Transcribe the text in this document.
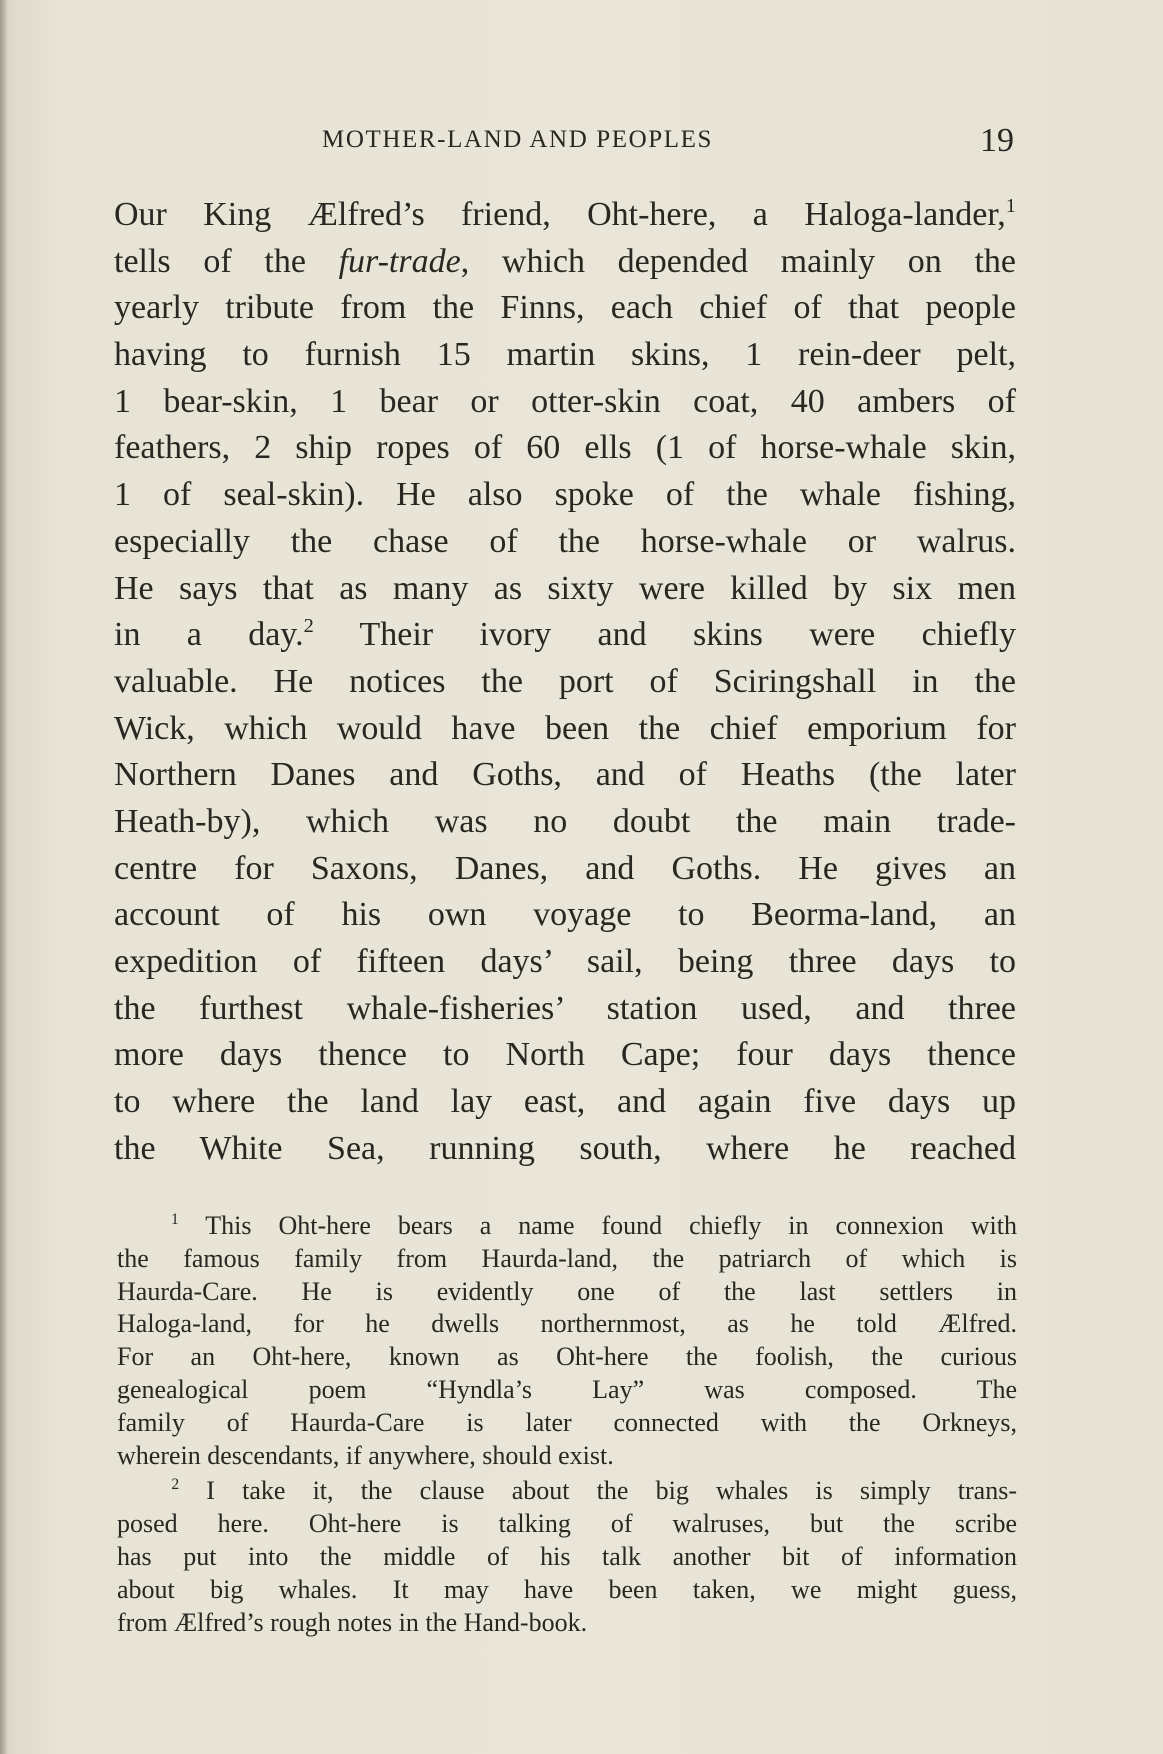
MOTHER-LAND AND PEOPLES	19
Our King Ælfred’s friend, Oht-here, a Haloga-lander,$^1$
tells of the fur-trade, which depended mainly on the
yearly tribute from the Finns, each chief of that people
having to furnish 15 martin skins, 1 rein-deer pelt,
1 bear-skin, 1 bear or otter-skin coat, 40 ambers of
feathers, 2 ship ropes of 60 ells (1 of horse-whale skin,
1 of seal-skin). He also spoke of the whale fishing,
especially the chase of the horse-whale or walrus.
He says that as many as sixty were killed by six men
in a day.$^2$ Their ivory and skins were chiefly
valuable. He notices the port of Sciringshall in the
Wick, which would have been the chief emporium for
Northern Danes and Goths, and of Heaths (the later
Heath-by), which was no doubt the main trade-
centre for Saxons, Danes, and Goths. He gives an
account of his own voyage to Beorma-land, an
expedition of fifteen days’ sail, being three days to
the furthest whale-fisheries’ station used, and three
more days thence to North Cape; four days thence
to where the land lay east, and again five days up
the White Sea, running south, where he reached
$^1$ This Oht-here bears a name found chiefly in connexion with
the famous family from Haurda-land, the patriarch of which is
Haurda-Care. He is evidently one of the last settlers in
Haloga-land, for he dwells northernmost, as he told Ælfred.
For an Oht-here, known as Oht-here the foolish, the curious
genealogical poem “Hyndla’s Lay” was composed. The
family of Haurda-Care is later connected with the Orkneys,
wherein descendants, if anywhere, should exist.
$^2$ I take it, the clause about the big whales is simply trans-
posed here. Oht-here is talking of walruses, but the scribe
has put into the middle of his talk another bit of information
about big whales. It may have been taken, we might guess,
from Ælfred’s rough notes in the Hand-book.
